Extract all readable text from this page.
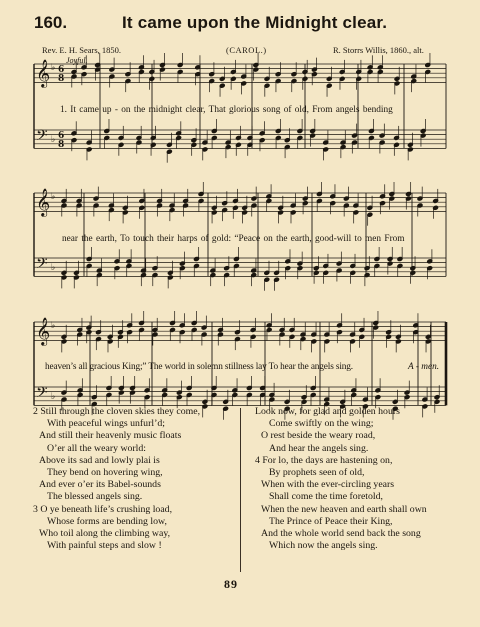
160.	It came upon the Midnight clear.
Rev. E. H. Sears, 1850.	(CAROL.)	R. Storrs Willis, 1860., alt.
Joyful.
𝄞 ♭ 6
8
𝄢 ♭ 6
8
𝄞 ♭
𝄢 ♭
𝄞 ♭
𝄢 ♭
1. It came up - on the midnight clear, That glorious song of old, From angels bending
near the earth, To touch their harps of gold: “Peace on the earth, good-will to men From
heaven’s all gracious King;” The world in solemn stillness lay To hear the angels sing.	A - men.
2 Still through the cloven skies they come,
With peaceful wings unfurl’d;
And still their heavenly music floats
O’er all the weary world:
Above its sad and lowly plai is
They bend on hovering wing,
And ever o’er its Babel-sounds
The blessed angels sing.
3 O ye beneath life’s crushing load,
Whose forms are bending low,
Who toil along the climbing way,
With painful steps and slow !
Look now, for glad and golden hours
Come swiftly on the wing;
O rest beside the weary road,
And hear the angels sing.
4 For lo, the days are hastening on,
By prophets seen of old,
When with the ever-circling years
Shall come the time foretold,
When the new heaven and earth shall own
The Prince of Peace their King,
And the whole world send back the song
Which now the angels sing.
89
